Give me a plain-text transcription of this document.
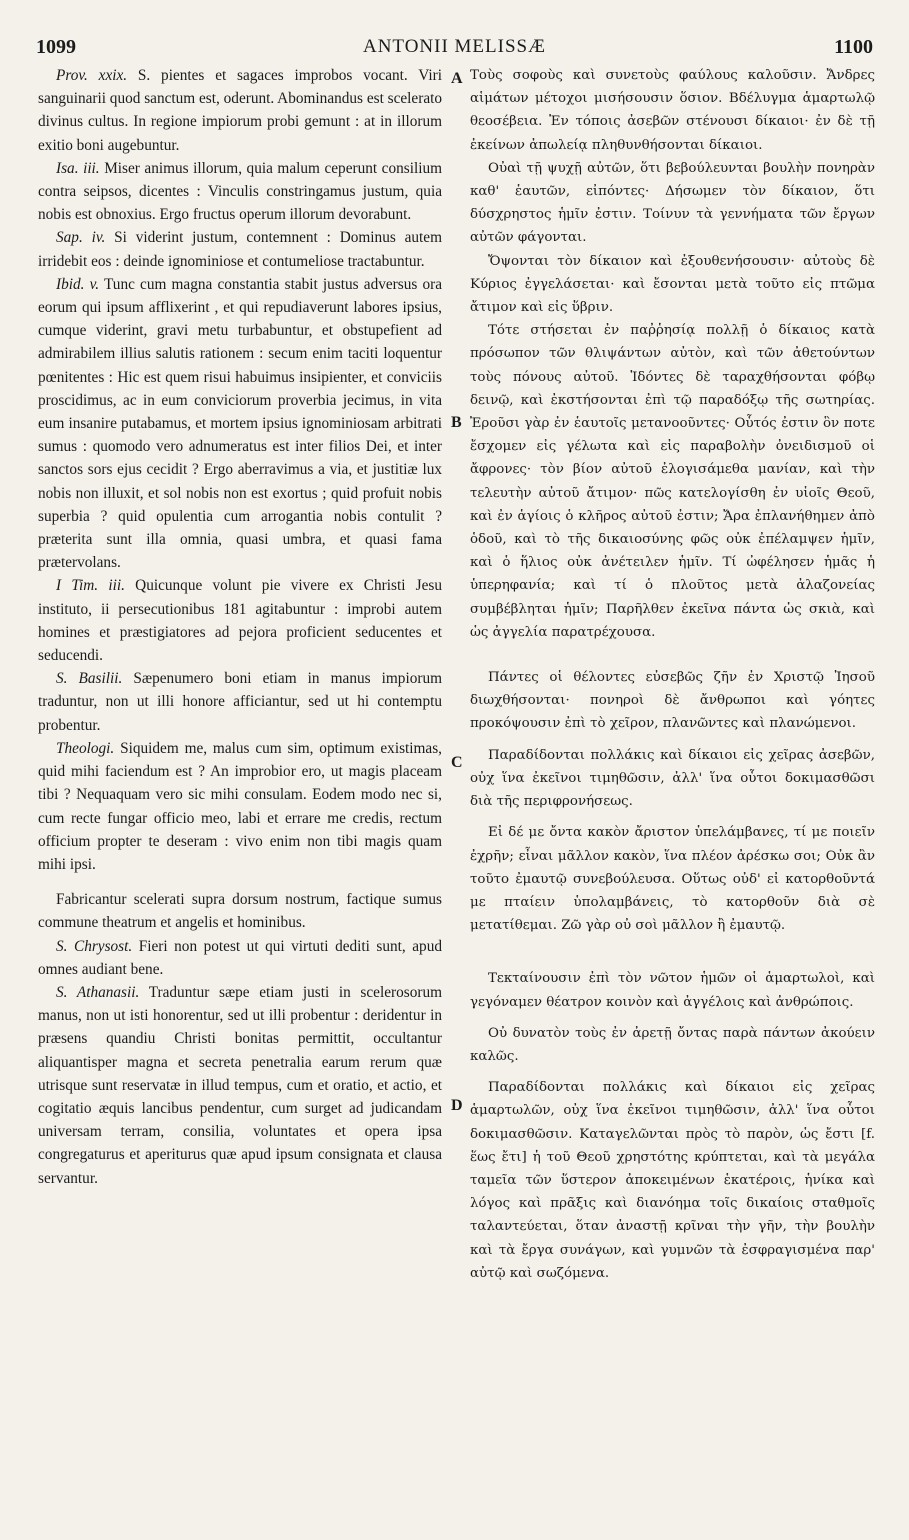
1099	ANTONII MELISSÆ	1100
A
B
C
D

Prov. xxix. S. pientes et sagaces improbos vocant. Viri sanguinarii quod sanctum est, oderunt. Abominandus est scelerato divinus cultus. In regione impiorum probi gemunt : at in illorum exitio boni augebuntur.

Isa. iii. Miser animus illorum, quia malum ceperunt consilium contra seipsos, dicentes : Vinculis constringamus justum, quia nobis est obnoxius. Ergo fructus operum illorum devorabunt.

Sap. iv. Si viderint justum, contemnent : Dominus autem irridebit eos : deinde ignominiose et contumeliose tractabuntur.

Ibid. v. Tunc cum magna constantia stabit justus adversus ora eorum qui ipsum afflixerint , et qui repudiaverunt labores ipsius, cumque viderint, gravi metu turbabuntur, et obstupefient ad admirabilem illius salutis rationem : secum enim taciti loquentur pœnitentes : Hic est quem risui habuimus insipienter, et conviciis proscidimus, ac in eum conviciorum proverbia jecimus, in vita eum insanire putabamus, et mortem ipsius ignominiosam arbitrati sumus : quomodo vero adnumeratus est inter filios Dei, et inter sanctos sors ejus cecidit ? Ergo aberravimus a via, et justitiæ lux nobis non illuxit, et sol nobis non est exortus ; quid profuit nobis superbia ? quid opulentia cum arrogantia nobis contulit ? præterita sunt illa omnia, quasi umbra, et quasi fama prætervolans.

I Tim. iii. Quicunque volunt pie vivere ex Christi Jesu instituto, ii persecutionibus 181 agitabuntur : improbi autem homines et præstigiatores ad pejora proficient seducentes et seducendi.

S. Basilii. Sæpenumero boni etiam in manus impiorum traduntur, non ut illi honore afficiantur, sed ut hi contemptu probentur.

Theologi. Siquidem me, malus cum sim, optimum existimas, quid mihi faciendum est ? An improbior ero, ut magis placeam tibi ? Nequaquam vero sic mihi consulam. Eodem modo nec si, cum recte fungar officio meo, labi et errare me credis, rectum officium propter te deseram : vivo enim non tibi magis quam mihi ipsi.

Fabricantur scelerati supra dorsum nostrum, factique sumus commune theatrum et angelis et hominibus.

S. Chrysost. Fieri non potest ut qui virtuti dediti sunt, apud omnes audiant bene.

S. Athanasii. Traduntur sæpe etiam justi in scelerosorum manus, non ut isti honorentur, sed ut illi probentur : deridentur in præsens quandiu Christi bonitas permittit, occultantur aliquantisper magna et secreta penetralia earum rerum quæ utrisque sunt reservatæ in illud tempus, cum et oratio, et actio, et cogitatio æquis lancibus pendentur, cum surget ad judicandam universam terram, consilia, voluntates et opera ipsa congregaturus et aperiturus quæ apud ipsum consignata et clausa servantur.

Τοὺς σοφοὺς καὶ συνετοὺς φαύλους καλοῦσιν. Ἄνδρες αἱμάτων μέτοχοι μισήσουσιν ὅσιον. Βδέλυγμα ἁμαρτωλῷ θεοσέβεια. Ἐν τόποις ἀσεβῶν στένουσι δίκαιοι· ἐν δὲ τῇ ἐκείνων ἀπωλείᾳ πληθυνθήσονται δίκαιοι.

Οὐαὶ τῇ ψυχῇ αὐτῶν, ὅτι βεβούλευνται βουλὴν πονηρὰν καθ' ἑαυτῶν, εἰπόντες· Δήσωμεν τὸν δίκαιον, ὅτι δύσχρηστος ἡμῖν ἐστιν. Τοίνυν τὰ γεννήματα τῶν ἔργων αὐτῶν φάγονται.

Ὄψονται τὸν δίκαιον καὶ ἐξουθενήσουσιν· αὐτοὺς δὲ Κύριος ἐγγελάσεται· καὶ ἔσονται μετὰ τοῦτο εἰς πτῶμα ἄτιμον καὶ εἰς ὕβριν.

Τότε στήσεται ἐν παῤῥησίᾳ πολλῇ ὁ δίκαιος κατὰ πρόσωπον τῶν θλιψάντων αὐτὸν, καὶ τῶν ἀθετούντων τοὺς πόνους αὐτοῦ. Ἰδόντες δὲ ταραχθήσονται φόβῳ δεινῷ, καὶ ἐκστήσονται ἐπὶ τῷ παραδόξῳ τῆς σωτηρίας. Ἐροῦσι γὰρ ἐν ἑαυτοῖς μετανοοῦντες· Οὗτός ἐστιν ὃν ποτε ἔσχομεν εἰς γέλωτα καὶ εἰς παραβολὴν ὀνειδισμοῦ οἱ ἄφρονες· τὸν βίον αὐτοῦ ἐλογισάμεθα μανίαν, καὶ τὴν τελευτὴν αὐτοῦ ἄτιμον· πῶς κατελογίσθη ἐν υἱοῖς Θεοῦ, καὶ ἐν ἁγίοις ὁ κλῆρος αὐτοῦ ἐστιν; Ἄρα ἐπλανήθημεν ἀπὸ ὁδοῦ, καὶ τὸ τῆς δικαιοσύνης φῶς οὐκ ἐπέλαμψεν ἡμῖν, καὶ ὁ ἥλιος οὐκ ἀνέτειλεν ἡμῖν. Τί ὠφέλησεν ἡμᾶς ἡ ὑπερηφανία; καὶ τί ὁ πλοῦτος μετὰ ἀλαζονείας συμβέβληται ἡμῖν; Παρῆλθεν ἐκεῖνα πάντα ὡς σκιὰ, καὶ ὡς ἀγγελία παρατρέχουσα.

Πάντες οἱ θέλοντες εὐσεβῶς ζῆν ἐν Χριστῷ Ἰησοῦ διωχθήσονται· πονηροὶ δὲ ἄνθρωποι καὶ γόητες προκόψουσιν ἐπὶ τὸ χεῖρον, πλανῶντες καὶ πλανώμενοι.

Παραδίδονται πολλάκις καὶ δίκαιοι εἰς χεῖρας ἀσεβῶν, οὐχ ἵνα ἐκεῖνοι τιμηθῶσιν, ἀλλ' ἵνα οὗτοι δοκιμασθῶσι διὰ τῆς περιφρονήσεως.

Εἰ δέ με ὄντα κακὸν ἄριστον ὑπελάμβανες, τί με ποιεῖν ἐχρῆν; εἶναι μᾶλλον κακὸν, ἵνα πλέον ἀρέσκω σοι; Οὐκ ἂν τοῦτο ἐμαυτῷ συνεβούλευσα. Οὕτως οὐδ' εἰ κατορθοῦντά με πταίειν ὑπολαμβάνεις, τὸ κατορθοῦν διὰ σὲ μετατίθεμαι. Ζῶ γὰρ οὐ σοὶ μᾶλλον ἢ ἐμαυτῷ.

Τεκταίνουσιν ἐπὶ τὸν νῶτον ἡμῶν οἱ ἁμαρτωλοὶ, καὶ γεγόναμεν θέατρον κοινὸν καὶ ἀγγέλοις καὶ ἀνθρώποις.

Οὐ δυνατὸν τοὺς ἐν ἀρετῇ ὄντας παρὰ πάντων ἀκούειν καλῶς.

Παραδίδονται πολλάκις καὶ δίκαιοι εἰς χεῖρας ἁμαρτωλῶν, οὐχ ἵνα ἐκεῖνοι τιμηθῶσιν, ἀλλ' ἵνα οὗτοι δοκιμασθῶσιν. Καταγελῶνται πρὸς τὸ παρὸν, ὡς ἔστι [f. ἕως ἔτι] ἡ τοῦ Θεοῦ χρηστότης κρύπτεται, καὶ τὰ μεγάλα ταμεῖα τῶν ὕστερον ἀποκειμένων ἑκατέροις, ἡνίκα καὶ λόγος καὶ πρᾶξις καὶ διανόημα τοῖς δικαίοις σταθμοῖς ταλαντεύεται, ὅταν ἀναστῇ κρῖναι τὴν γῆν, τὴν βουλὴν καὶ τὰ ἔργα συνάγων, καὶ γυμνῶν τὰ ἐσφραγισμένα παρ' αὐτῷ καὶ σωζόμενα.
